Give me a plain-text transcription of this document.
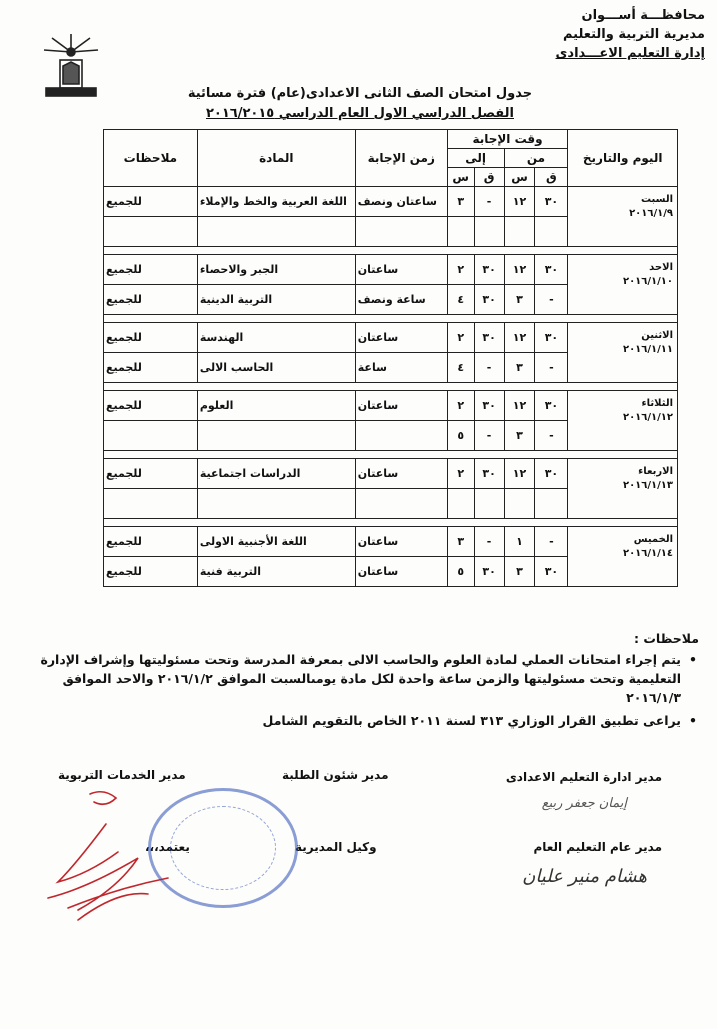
محافظـــة أســـوان
مديرية التربية والتعليم
إدارة التعليم الاعـــدادى
جدول امتحان الصف الثانى الاعدادى(عام) فترة مسائية
الفصل الدراسي الاول العام الدراسي ٢٠١٦/٢٠١٥
اليوم والتاريخ	وقت الإجابة				زمن الإجابة	المادة	ملاحظات
	من		إلى				
	ق	س	ق	س			

السبت
٢٠١٦/١/٩	٣٠	١٢	-	٣	ساعتان ونصف	اللغة العربية والخط والإملاء	للجميع

الاحد
٢٠١٦/١/١٠	٣٠	١٢	٣٠	٢	ساعتان	الجبر والاحصاء	للجميع
	-	٣	٣٠	٤	ساعة ونصف	التربية الدينية	للجميع

الاثنين
٢٠١٦/١/١١	٣٠	١٢	٣٠	٢	ساعتان	الهندسة	للجميع
	-	٣	-	٤	ساعة	الحاسب الالى	للجميع

الثلاثاء
٢٠١٦/١/١٢	٣٠	١٢	٣٠	٢	ساعتان	العلوم	للجميع
	-	٣	-	٥			

الاربعاء
٢٠١٦/١/١٣	٣٠	١٢	٣٠	٢	ساعتان	الدراسات اجتماعية	للجميع

الخميس
٢٠١٦/١/١٤	-	١	-	٣	ساعتان	اللغة الأجنبية الاولى	للجميع
	٣٠	٣	٣٠	٥	ساعتان	التربية فنية	للجميع
ملاحظات :
• يتم إجراء امتحانات العملي لمادة العلوم والحاسب الالى بمعرفة المدرسة وتحت مسئوليتها وإشراف الإدارة التعليمية وتحت مسئوليتها والزمن ساعة واحدة لكل مادة يومىالسبت الموافق ٢٠١٦/١/٢ والاحد الموافق ٢٠١٦/١/٣
• يراعى تطبيق القرار الوزاري ٣١٣ لسنة ٢٠١١ الخاص بالتقويم الشامل
مدير ادارة التعليم الاعدادى
إيمان جعفر ربيع
مدير شئون الطلبة
مدير الخدمات التربوية
مدير عام التعليم العام
هشام منير عليان
وكيل المديرية
يعتمد،،،
